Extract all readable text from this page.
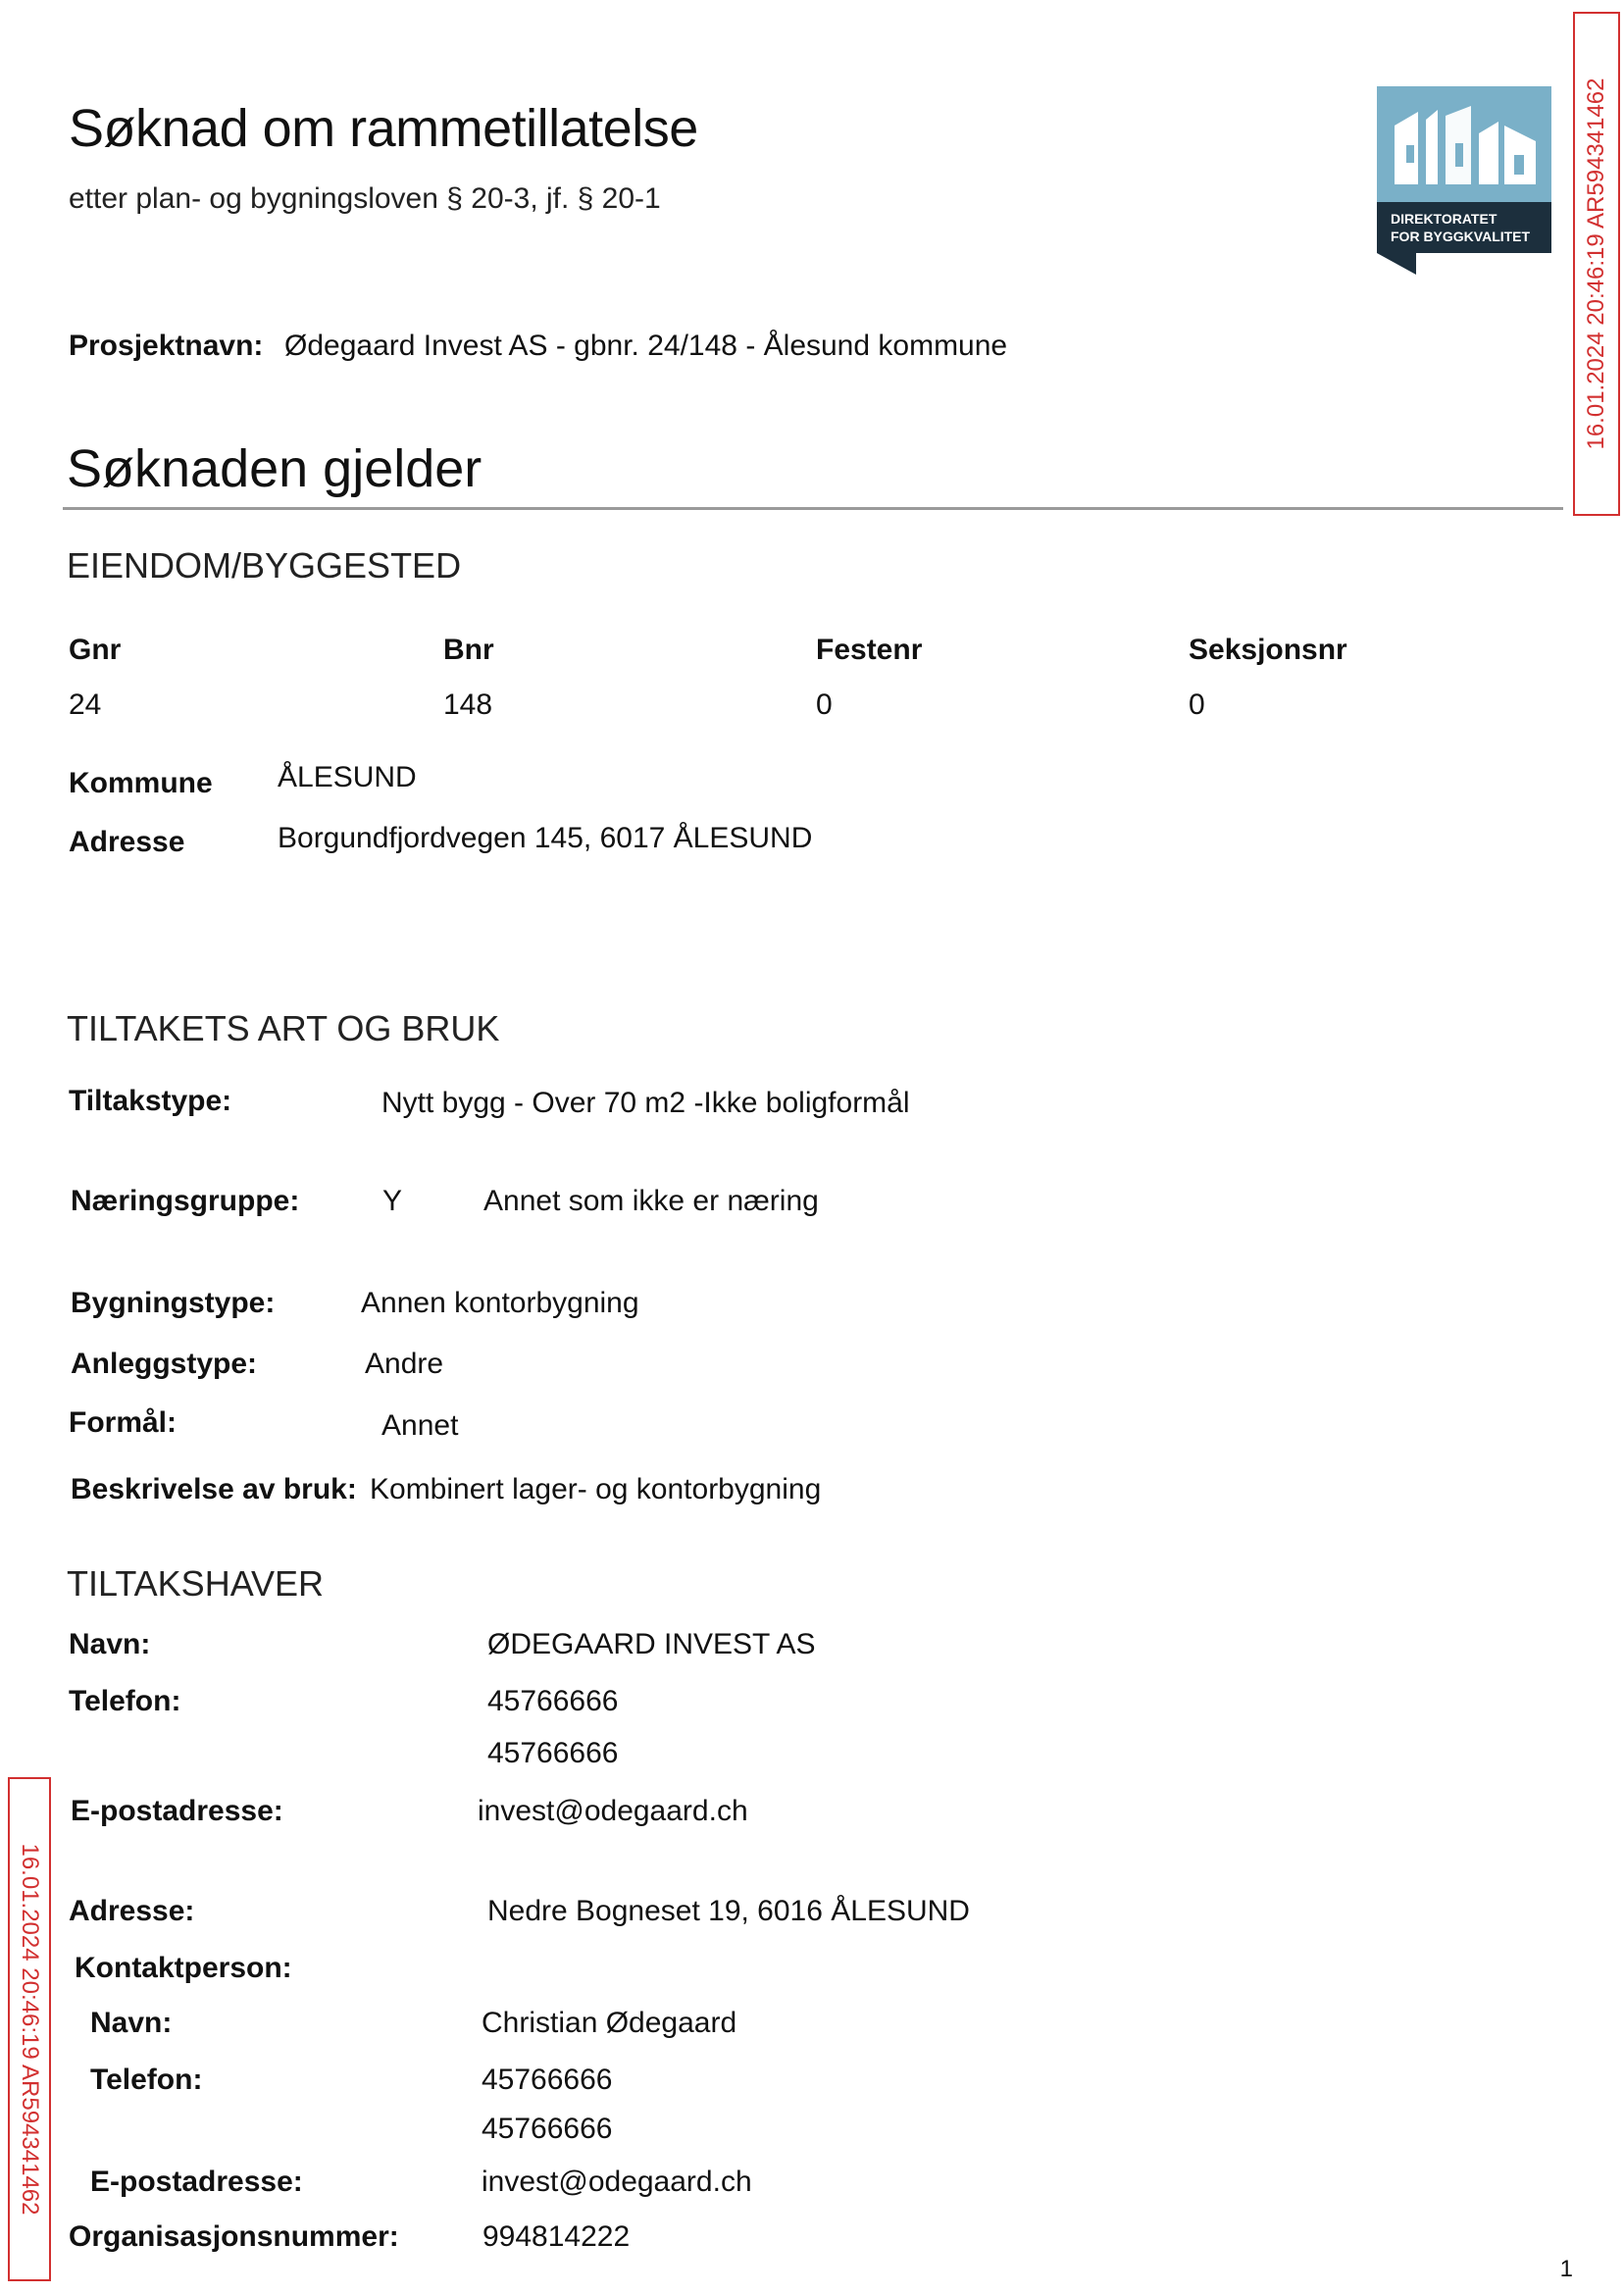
Søknad om rammetillatelse
etter plan- og bygningsloven § 20-3, jf. § 20-1
DIREKTORATET
FOR BYGGKVALITET
Prosjektnavn: Ødegaard Invest AS - gbnr. 24/148 - Ålesund kommune
Søknaden gjelder
EIENDOM/BYGGESTED
Gnr	Bnr	Festenr	Seksjonsnr
24	148	0	0
Kommune ÅLESUND
Adresse	Borgundfjordvegen 145, 6017 ÅLESUND
TILTAKETS ART OG BRUK
Tiltakstype:	Nytt bygg - Over 70 m2 -Ikke boligformål
Næringsgruppe:	Y	Annet som ikke er næring
Bygningstype:	Annen kontorbygning
Anleggstype:	Andre
Formål:	Annet
Beskrivelse av bruk: Kombinert lager- og kontorbygning
TILTAKSHAVER
Navn:	ØDEGAARD INVEST AS
Telefon:	45766666
45766666
E-postadresse:	invest@odegaard.ch
Adresse:	Nedre Bogneset 19, 6016 ÅLESUND
Kontaktperson:
Navn:	Christian Ødegaard
Telefon:	45766666
45766666
E-postadresse:	invest@odegaard.ch
Organisasjonsnummer:	994814222
16.01.2024 20:46:19 AR594341462
16.01.2024 20:46:19 AR594341462
1
